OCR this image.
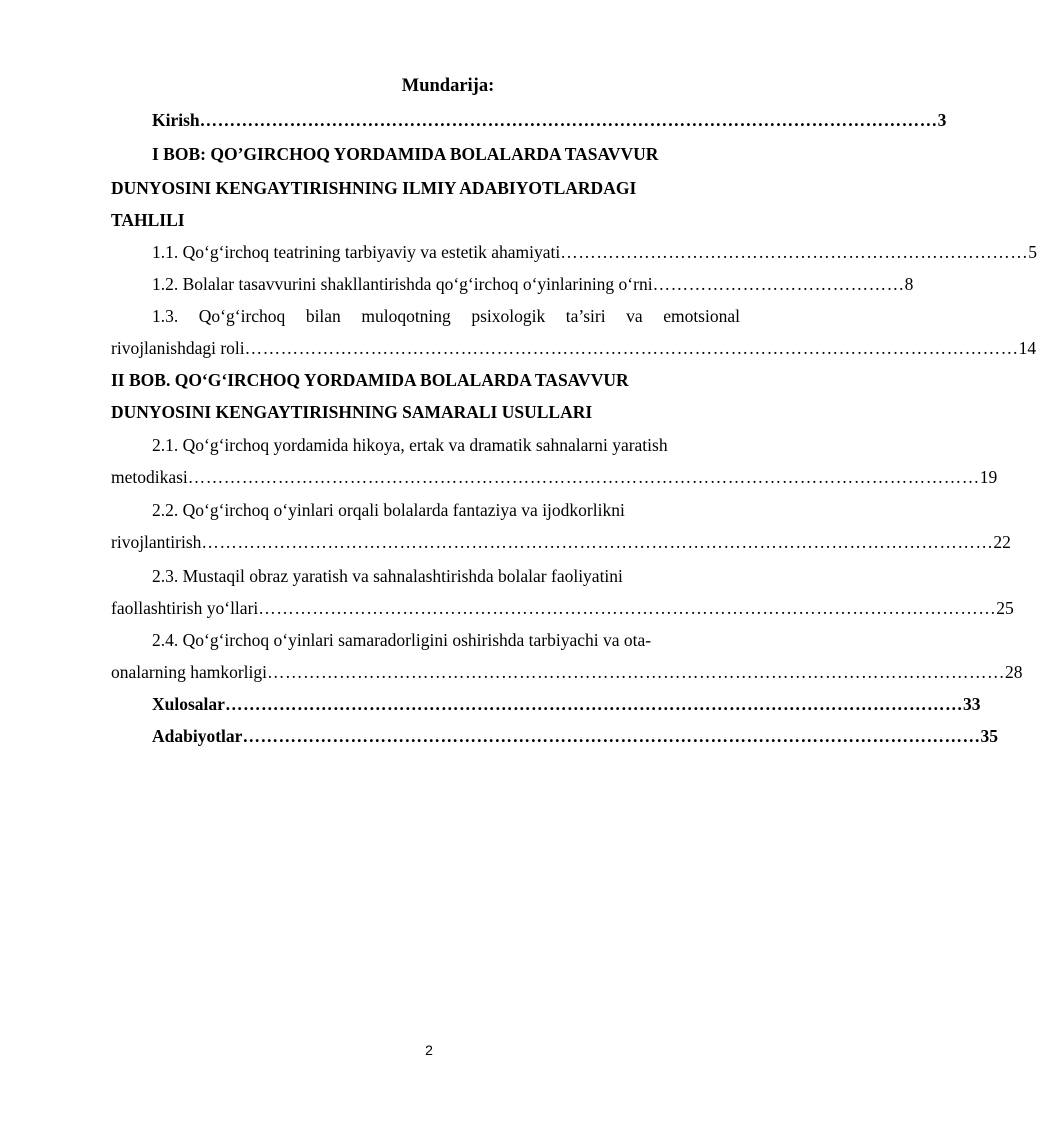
Mundarija:
Kirish …………………………………………………………………………………………………………… 3
I BOB: QO’GIRCHOQ YORDAMIDA BOLALARDA TASAVVUR
DUNYOSINI KENGAYTIRISHNING ILMIY ADABIYOTLARDAGI
TAHLILI
1.1. Qo‘g‘irchoq teatrining tarbiyaviy va estetik ahamiyati …………………………………………………………………… 5
1.2. Bolalar tasavvurini shakllantirishda qo‘g‘irchoq o‘yinlarining o‘rni …………………………………… 8
1.3. Qo‘g‘irchoq bilan muloqotning psixologik ta’siri va emotsional
rivojlanishdagi roli ………………………………………………………………………………………………………………… 14
II BOB. QO‘G‘IRCHOQ YORDAMIDA BOLALARDA TASAVVUR
DUNYOSINI KENGAYTIRISHNING SAMARALI USULLARI
2.1. Qo‘g‘irchoq yordamida hikoya, ertak va dramatik sahnalarni yaratish
metodikasi …………………………………………………………………………………………………………………… 19
2.2. Qo‘g‘irchoq o‘yinlari orqali bolalarda fantaziya va ijodkorlikni
rivojlantirish …………………………………………………………………………………………………………………… 22
2.3. Mustaqil obraz yaratish va sahnalashtirishda bolalar faoliyatini
faollashtirish yo‘llari …………………………………………………………………………………………………………… 25
2.4. Qo‘g‘irchoq o‘yinlari samaradorligini oshirishda tarbiyachi va ota-
onalarning hamkorligi …………………………………………………………………………………………………………… 28
Xulosalar …………………………………………………………………………………………………………… 33
Adabiyotlar …………………………………………………………………………………………………………… 35
2
